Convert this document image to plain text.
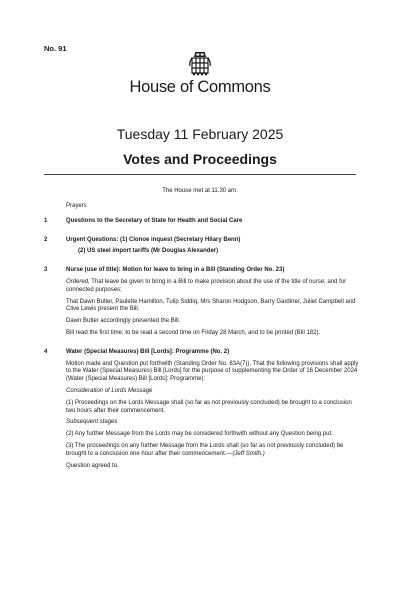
No. 91
House of Commons
Tuesday 11 February 2025
Votes and Proceedings
The House met at 11.30 am.
Prayers
1	Questions to the Secretary of State for Health and Social Care
2	Urgent Questions: (1) Clonoe inquest (Secretary Hilary Benn)
(2) US steel import tariffs (Mr Douglas Alexander)
3	Nurse (use of title): Motion for leave to bring in a Bill (Standing Order No. 23)
Ordered, That leave be given to bring in a Bill to make provision about the use of the title of nurse; and for connected purposes;
That Dawn Butler, Paulette Hamilton, Tulip Siddiq, Mrs Sharon Hodgson, Barry Gardiner, Juliet Campbell and Clive Lewis present the Bill.
Dawn Butler accordingly presented the Bill.
Bill read the first time; to be read a second time on Friday 28 March, and to be printed (Bill 182).
4	Water (Special Measures) Bill [Lords]: Programme (No. 2)
Motion made and Question put forthwith (Standing Order No. 83A(7)), That the following provisions shall apply to the Water (Special Measures) Bill [Lords] for the purpose of supplementing the Order of 16 December 2024 (Water (Special Measures) Bill [Lords]: Programme):
Consideration of Lords Message
(1) Proceedings on the Lords Message shall (so far as not previously concluded) be brought to a conclusion two hours after their commencement.
Subsequent stages
(2) Any further Message from the Lords may be considered forthwith without any Question being put.
(3) The proceedings on any further Message from the Lords shall (so far as not previously concluded) be brought to a conclusion one hour after their commencement.—(Jeff Smith.)
Question agreed to.
